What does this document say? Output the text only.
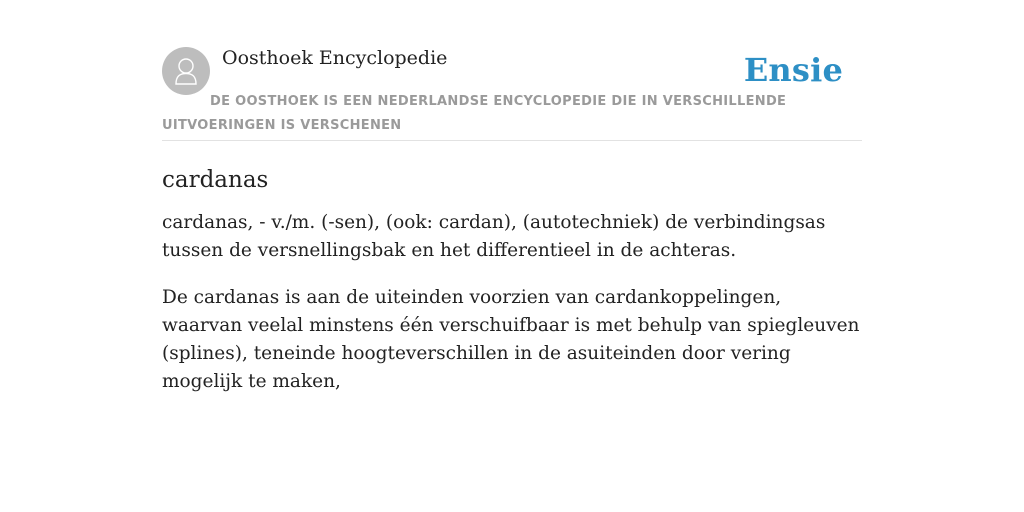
Oosthoek Encyclopedie	Ensie
DE OOSTHOEK IS EEN NEDERLANDSE ENCYCLOPEDIE DIE IN VERSCHILLENDE UITVOERINGEN IS VERSCHENEN
cardanas

cardanas, - v./m. (-sen), (ook: cardan), (autotechniek) de verbindingsas tussen de versnellingsbak en het differentieel in de achteras.

De cardanas is aan de uiteinden voorzien van cardankoppelingen, waarvan veelal minstens één verschuifbaar is met behulp van spiegleuven (splines), teneinde hoogteverschillen in de asuiteinden door vering mogelijk te maken,
